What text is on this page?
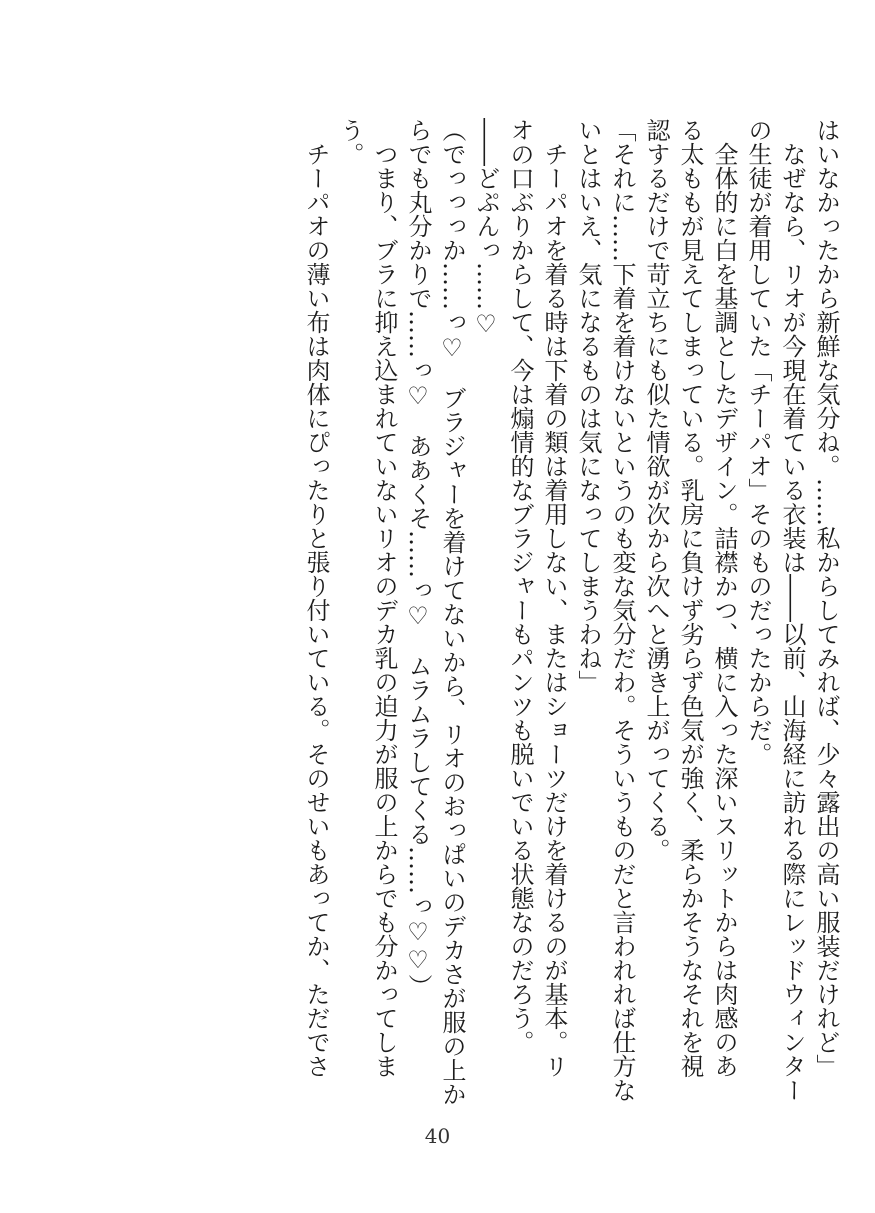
はいなかったから新鮮な気分ね。……私からしてみれば、少々露出の高い服装だけれど」
　なぜなら、リオが今現在着ている衣装は――以前、山海経に訪れる際にレッドウィンター
の生徒が着用していた「チーパオ」そのものだったからだ。
　全体的に白を基調としたデザイン。詰襟かつ、横に入った深いスリットからは肉感のあ
る太ももが見えてしまっている。乳房に負けず劣らず色気が強く、柔らかそうなそれを視
認するだけで苛立ちにも似た情欲が次から次へと湧き上がってくる。
「それに……下着を着けないというのも変な気分だわ。そういうものだと言われれば仕方な
いとはいえ、気になるものは気になってしまうわね」
　チーパオを着る時は下着の類は着用しない、またはショーツだけを着けるのが基本。リ
オの口ぶりからして、今は煽情的なブラジャーもパンツも脱いでいる状態なのだろう。
――どぷんっ……♡
（でっっっか……っ♡　ブラジャーを着けてないから、リオのおっぱいのデカさが服の上か
らでも丸分かりで……っ♡　ああくそ……っ♡　ムラムラしてくる……っ♡♡）
　つまり、ブラに抑え込まれていないリオのデカ乳の迫力が服の上からでも分かってしま
う。
　チーパオの薄い布は肉体にぴったりと張り付いている。そのせいもあってか、ただでさ
40
